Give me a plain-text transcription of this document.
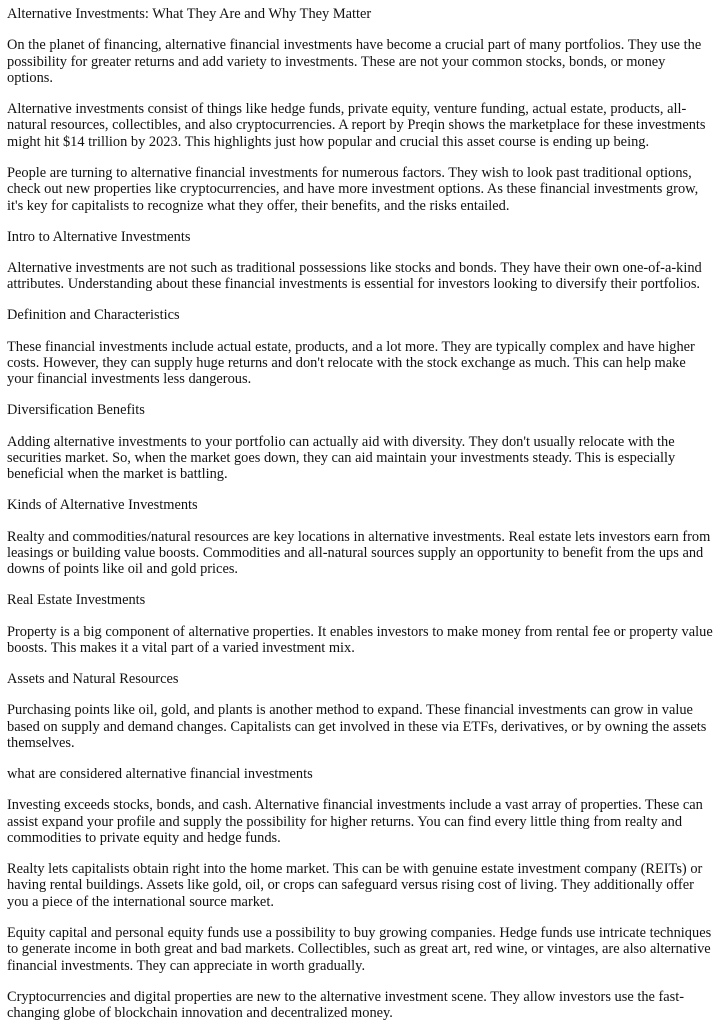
Alternative Investments: What They Are and Why They Matter

On the planet of financing, alternative financial investments have become a crucial part of many portfolios. They use the possibility for greater returns and add variety to investments. These are not your common stocks, bonds, or money options.

Alternative investments consist of things like hedge funds, private equity, venture funding, actual estate, products, all-natural resources, collectibles, and also cryptocurrencies. A report by Preqin shows the marketplace for these investments might hit $14 trillion by 2023. This highlights just how popular and crucial this asset course is ending up being.

People are turning to alternative financial investments for numerous factors. They wish to look past traditional options, check out new properties like cryptocurrencies, and have more investment options. As these financial investments grow, it's key for capitalists to recognize what they offer, their benefits, and the risks entailed.

Intro to Alternative Investments

Alternative investments are not such as traditional possessions like stocks and bonds. They have their own one-of-a-kind attributes. Understanding about these financial investments is essential for investors looking to diversify their portfolios.

Definition and Characteristics

These financial investments include actual estate, products, and a lot more. They are typically complex and have higher costs. However, they can supply huge returns and don't relocate with the stock exchange as much. This can help make your financial investments less dangerous.

Diversification Benefits

Adding alternative investments to your portfolio can actually aid with diversity. They don't usually relocate with the securities market. So, when the market goes down, they can aid maintain your investments steady. This is especially beneficial when the market is battling.

Kinds of Alternative Investments

Realty and commodities/natural resources are key locations in alternative investments. Real estate lets investors earn from leasings or building value boosts. Commodities and all-natural sources supply an opportunity to benefit from the ups and downs of points like oil and gold prices.

Real Estate Investments

Property is a big component of alternative properties. It enables investors to make money from rental fee or property value boosts. This makes it a vital part of a varied investment mix.

Assets and Natural Resources

Purchasing points like oil, gold, and plants is another method to expand. These financial investments can grow in value based on supply and demand changes. Capitalists can get involved in these via ETFs, derivatives, or by owning the assets themselves.

what are considered alternative financial investments

Investing exceeds stocks, bonds, and cash. Alternative financial investments include a vast array of properties. These can assist expand your profile and supply the possibility for higher returns. You can find every little thing from realty and commodities to private equity and hedge funds.

Realty lets capitalists obtain right into the home market. This can be with genuine estate investment company (REITs) or having rental buildings. Assets like gold, oil, or crops can safeguard versus rising cost of living. They additionally offer you a piece of the international source market.

Equity capital and personal equity funds use a possibility to buy growing companies. Hedge funds use intricate techniques to generate income in both great and bad markets. Collectibles, such as great art, red wine, or vintages, are also alternative financial investments. They can appreciate in worth gradually.

Cryptocurrencies and digital properties are new to the alternative investment scene. They allow investors use the fast-changing globe of blockchain innovation and decentralized money.
